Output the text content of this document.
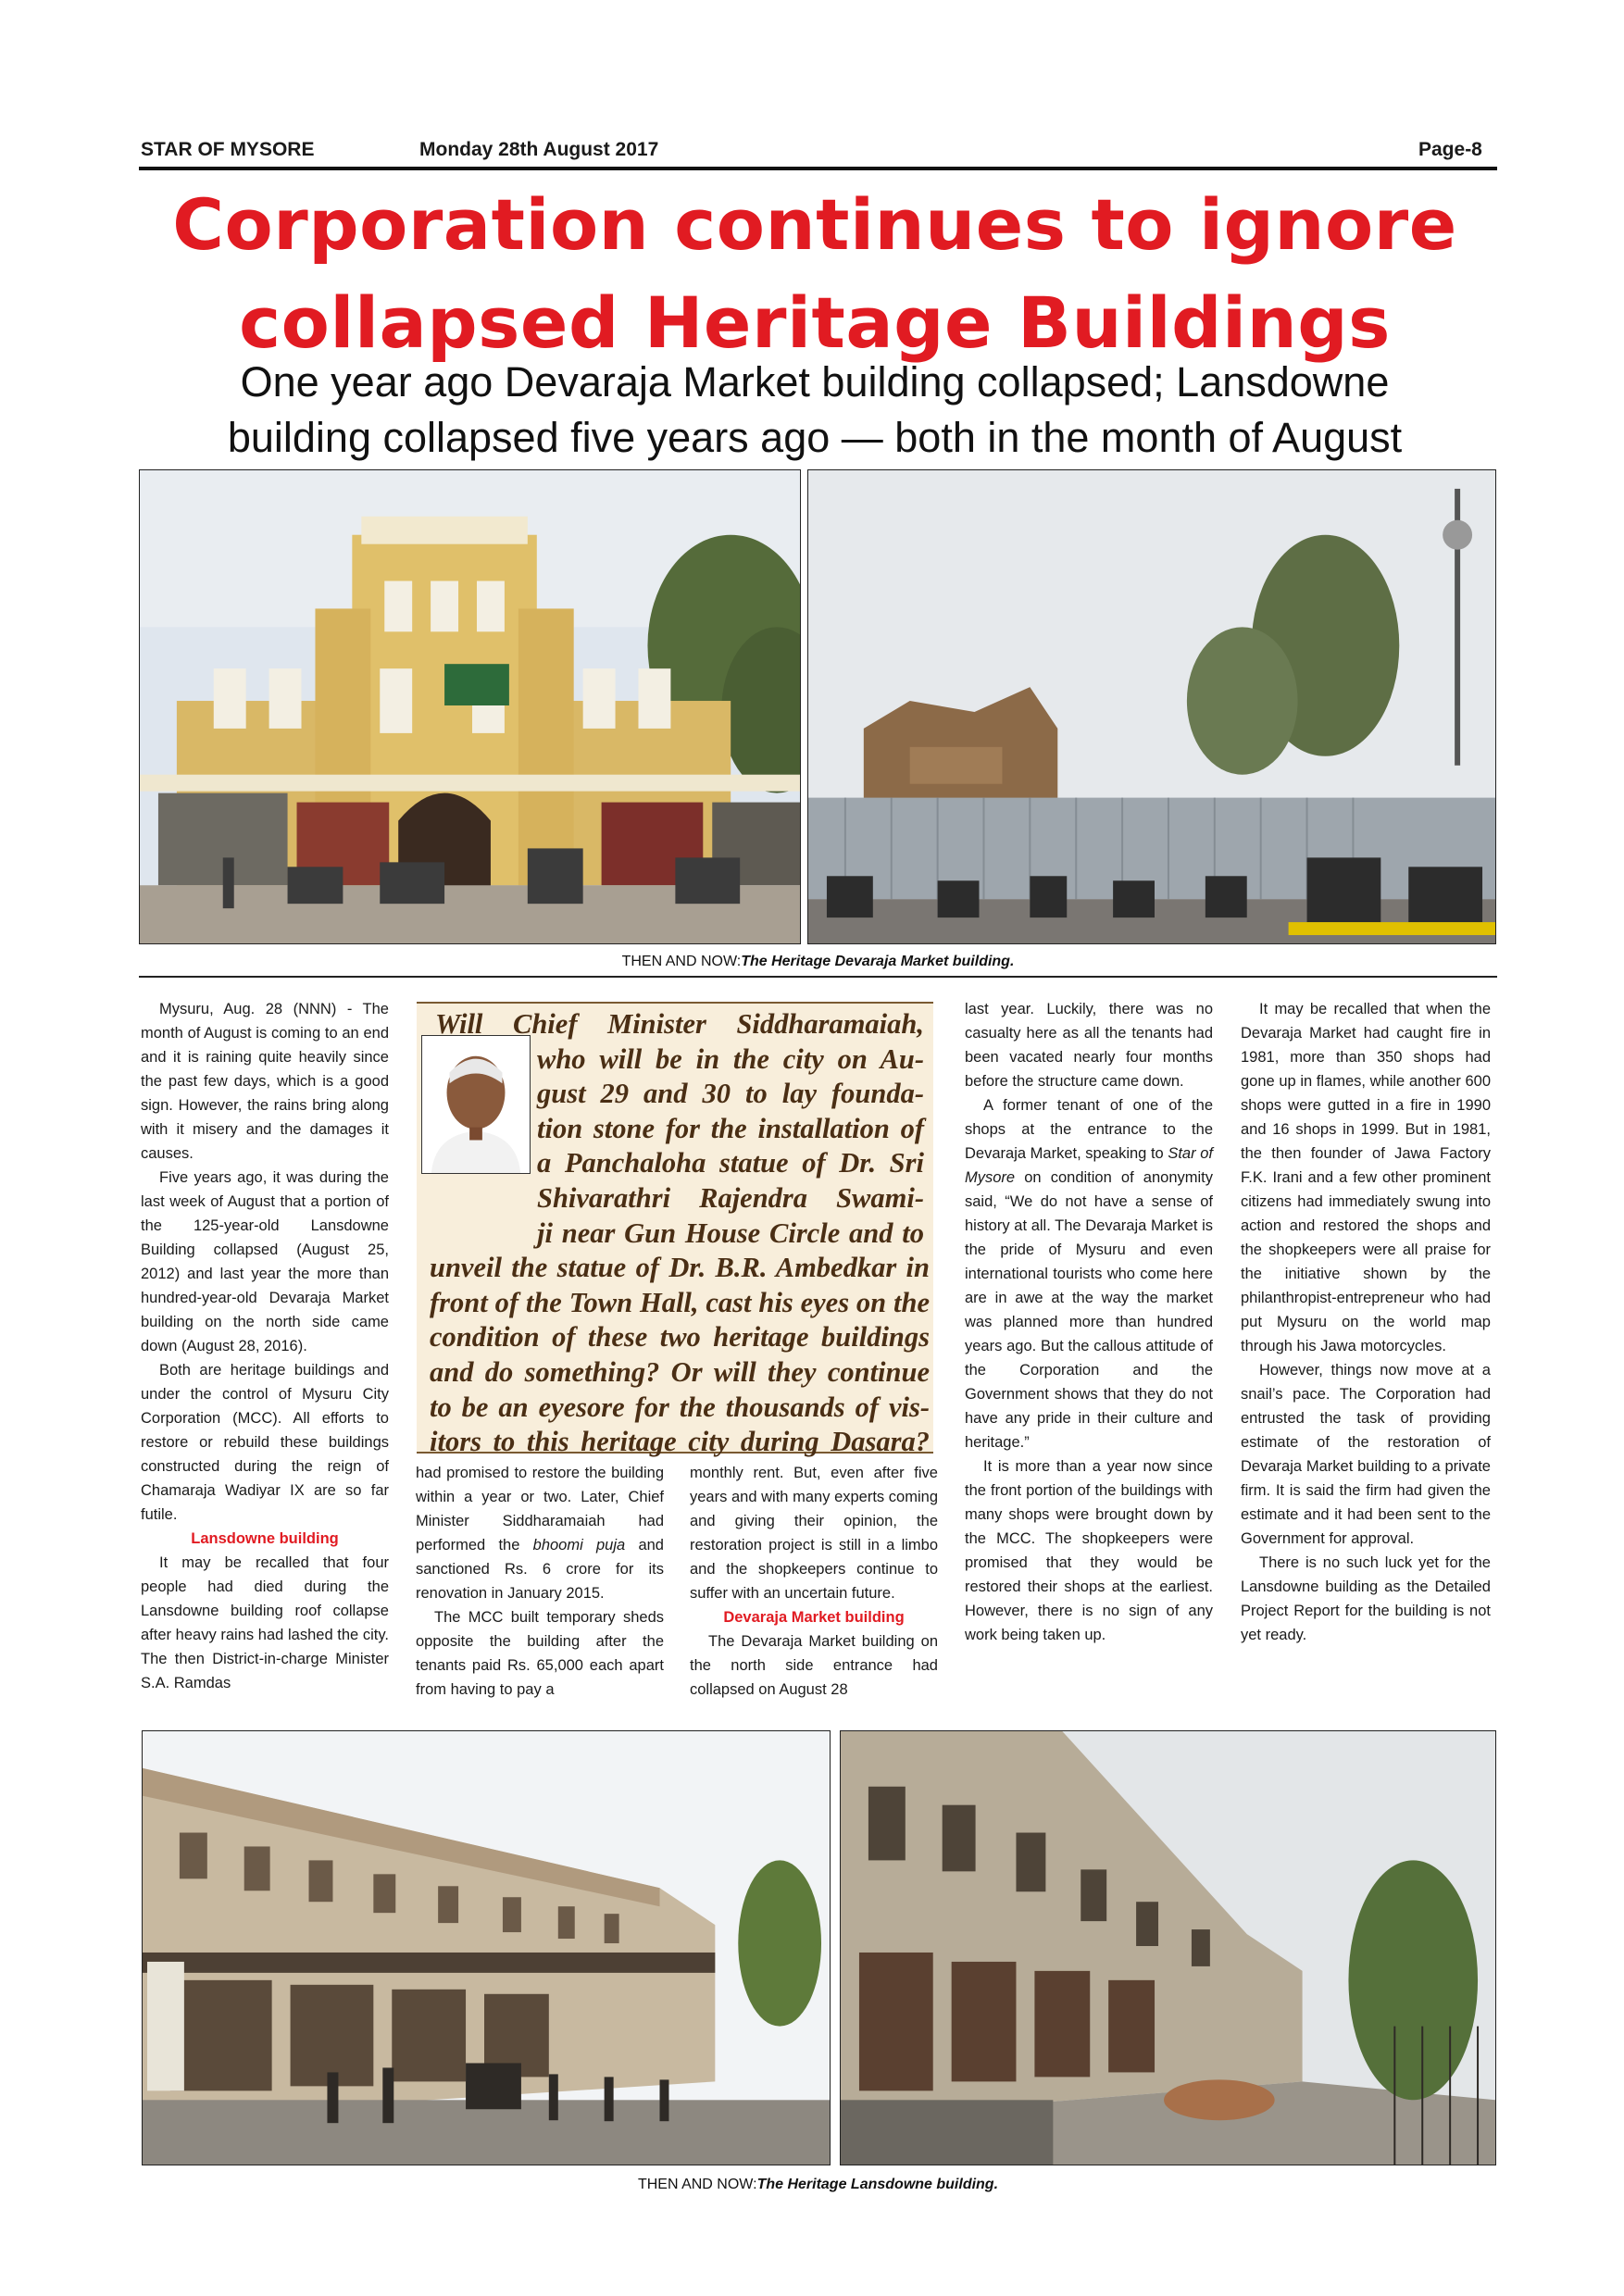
STAR OF MYSORE	Monday 28th August 2017	Page-8
Corporation continues to ignore
collapsed Heritage Buildings
One year ago Devaraja Market building collapsed; Lansdowne
building collapsed five years ago — both in the month of August
THEN AND NOW:The Heritage Devaraja Market building.
Will Chief Minister Siddharamaiah,
who will be in the city on Au-
gust 29 and 30 to lay founda-
tion stone for the installation of
a Panchaloha statue of Dr. Sri
Shivarathri Rajendra Swami-
ji near Gun House Circle and to
unveil the statue of Dr. B.R. Ambedkar in
front of the Town Hall, cast his eyes on the
condition of these two heritage buildings
and do something? Or will they continue
to be an eyesore for the thousands of vis-
itors to this heritage city during Dasara?

Mysuru, Aug. 28 (NNN) - The month of August is coming to an end and it is raining quite heavily since the past few days, which is a good sign. However, the rains bring along with it misery and the damages it causes.

Five years ago, it was during the last week of August that a portion of the 125-year-old Lansdowne Building collapsed (August 25, 2012) and last year the more than hundred-year-old Devaraja Market building on the north side came down (August 28, 2016).

Both are heritage buildings and under the control of Mysuru City Corporation (MCC). All efforts to restore or rebuild these buildings constructed during the reign of Chamaraja Wadiyar IX are so far futile.

Lansdowne building

It may be recalled that four people had died during the Lansdowne building roof collapse after heavy rains had lashed the city. The then District-in-charge Minister S.A. Ramdas

had promised to restore the building within a year or two. Later, Chief Minister Siddharamaiah had performed the bhoomi puja and sanctioned Rs. 6 crore for its renovation in January 2015.

The MCC built temporary sheds opposite the building after the tenants paid Rs. 65,000 each apart from having to pay a

monthly rent. But, even after five years and with many experts coming and giving their opinion, the restoration project is still in a limbo and the shopkeepers continue to suffer with an uncertain future.

Devaraja Market building

The Devaraja Market building on the north side entrance had collapsed on August 28

last year. Luckily, there was no casualty here as all the tenants had been vacated nearly four months before the structure came down.

A former tenant of one of the shops at the entrance to the Devaraja Market, speaking to Star of Mysore on condition of anonymity said, “We do not have a sense of history at all. The Devaraja Market is the pride of Mysuru and even international tourists who come here are in awe at the way the market was planned more than hundred years ago. But the callous attitude of the Corporation and the Government shows that they do not have any pride in their culture and heritage.”

It is more than a year now since the front portion of the buildings with many shops were brought down by the MCC. The shopkeepers were promised that they would be restored their shops at the earliest. However, there is no sign of any work being taken up.

It may be recalled that when the Devaraja Market had caught fire in 1981, more than 350 shops had gone up in flames, while another 600 shops were gutted in a fire in 1990 and 16 shops in 1999. But in 1981, the then founder of Jawa Factory F.K. Irani and a few other prominent citizens had immediately swung into action and restored the shops and the shopkeepers were all praise for the initiative shown by the philanthropist-entrepreneur who had put Mysuru on the world map through his Jawa motorcycles.

However, things now move at a snail’s pace. The Corporation had entrusted the task of providing estimate of the restoration of Devaraja Market building to a private firm. It is said the firm had given the estimate and it had been sent to the Government for approval.

There is no such luck yet for the Lansdowne building as the Detailed Project Report for the building is not yet ready.

THEN AND NOW:The Heritage Lansdowne building.
